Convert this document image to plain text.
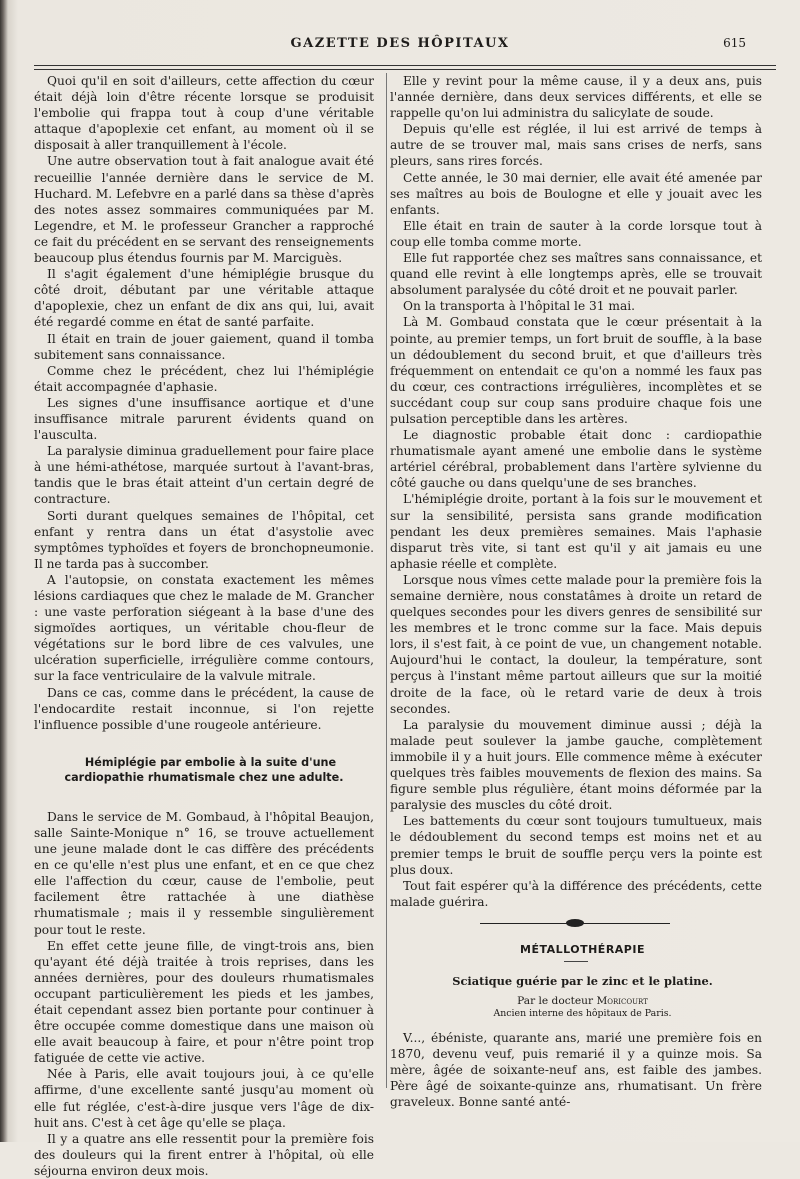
GAZETTE DES HÔPITAUX	615

Quoi qu'il en soit d'ailleurs, cette affection du cœur était déjà loin d'être récente lorsque se produisit l'embolie qui frappa tout à coup d'une véritable attaque d'apoplexie cet enfant, au moment où il se disposait à aller tranquillement à l'école.

Une autre observation tout à fait analogue avait été recueillie l'année dernière dans le service de M. Huchard. M. Lefebvre en a parlé dans sa thèse d'après des notes assez sommaires communiquées par M. Legendre, et M. le professeur Grancher a rapproché ce fait du précédent en se servant des renseignements beaucoup plus étendus fournis par M. Marciguès.

Il s'agit également d'une hémiplégie brusque du côté droit, débutant par une véritable attaque d'apoplexie, chez un enfant de dix ans qui, lui, avait été regardé comme en état de santé parfaite.

Il était en train de jouer gaiement, quand il tomba subitement sans connaissance.

Comme chez le précédent, chez lui l'hémiplégie était accompagnée d'aphasie.

Les signes d'une insuffisance aortique et d'une insuffisance mitrale parurent évidents quand on l'ausculta.

La paralysie diminua graduellement pour faire place à une hémi-athétose, marquée surtout à l'avant-bras, tandis que le bras était atteint d'un certain degré de contracture.

Sorti durant quelques semaines de l'hôpital, cet enfant y rentra dans un état d'asystolie avec symptômes typhoïdes et foyers de bronchopneumonie. Il ne tarda pas à succomber.

A l'autopsie, on constata exactement les mêmes lésions cardiaques que chez le malade de M. Grancher : une vaste perforation siégeant à la base d'une des sigmoïdes aortiques, un véritable chou-fleur de végétations sur le bord libre de ces valvules, une ulcération superficielle, irrégulière comme contours, sur la face ventriculaire de la valvule mitrale.

Dans ce cas, comme dans le précédent, la cause de l'endocardite restait inconnue, si l'on rejette l'influence possible d'une rougeole antérieure.

Hémiplégie par embolie à la suite d'une cardiopathie rhumatismale chez une adulte.

Dans le service de M. Gombaud, à l'hôpital Beaujon, salle Sainte-Monique n° 16, se trouve actuellement une jeune malade dont le cas diffère des précédents en ce qu'elle n'est plus une enfant, et en ce que chez elle l'affection du cœur, cause de l'embolie, peut facilement être rattachée à une diathèse rhumatismale ; mais il y ressemble singulièrement pour tout le reste.

En effet cette jeune fille, de vingt-trois ans, bien qu'ayant été déjà traitée à trois reprises, dans les années dernières, pour des douleurs rhumatismales occupant particulièrement les pieds et les jambes, était cependant assez bien portante pour continuer à être occupée comme domestique dans une maison où elle avait beaucoup à faire, et pour n'être point trop fatiguée de cette vie active.

Née à Paris, elle avait toujours joui, à ce qu'elle affirme, d'une excellente santé jusqu'au moment où elle fut réglée, c'est-à-dire jusque vers l'âge de dix-huit ans. C'est à cet âge qu'elle se plaça.

Il y a quatre ans elle ressentit pour la première fois des douleurs qui la firent entrer à l'hôpital, où elle séjourna environ deux mois.

Elle y revint pour la même cause, il y a deux ans, puis l'année dernière, dans deux services différents, et elle se rappelle qu'on lui administra du salicylate de soude.

Depuis qu'elle est réglée, il lui est arrivé de temps à autre de se trouver mal, mais sans crises de nerfs, sans pleurs, sans rires forcés.

Cette année, le 30 mai dernier, elle avait été amenée par ses maîtres au bois de Boulogne et elle y jouait avec les enfants.

Elle était en train de sauter à la corde lorsque tout à coup elle tomba comme morte.

Elle fut rapportée chez ses maîtres sans connaissance, et quand elle revint à elle longtemps après, elle se trouvait absolument paralysée du côté droit et ne pouvait parler.

On la transporta à l'hôpital le 31 mai.

Là M. Gombaud constata que le cœur présentait à la pointe, au premier temps, un fort bruit de souffle, à la base un dédoublement du second bruit, et que d'ailleurs très fréquemment on entendait ce qu'on a nommé les faux pas du cœur, ces contractions irrégulières, incomplètes et se succédant coup sur coup sans produire chaque fois une pulsation perceptible dans les artères.

Le diagnostic probable était donc : cardiopathie rhumatismale ayant amené une embolie dans le système artériel cérébral, probablement dans l'artère sylvienne du côté gauche ou dans quelqu'une de ses branches.

L'hémiplégie droite, portant à la fois sur le mouvement et sur la sensibilité, persista sans grande modification pendant les deux premières semaines. Mais l'aphasie disparut très vite, si tant est qu'il y ait jamais eu une aphasie réelle et complète.

Lorsque nous vîmes cette malade pour la première fois la semaine dernière, nous constatâmes à droite un retard de quelques secondes pour les divers genres de sensibilité sur les membres et le tronc comme sur la face. Mais depuis lors, il s'est fait, à ce point de vue, un changement notable. Aujourd'hui le contact, la douleur, la température, sont perçus à l'instant même partout ailleurs que sur la moitié droite de la face, où le retard varie de deux à trois secondes.

La paralysie du mouvement diminue aussi ; déjà la malade peut soulever la jambe gauche, complètement immobile il y a huit jours. Elle commence même à exécuter quelques très faibles mouvements de flexion des mains. Sa figure semble plus régulière, étant moins déformée par la paralysie des muscles du côté droit.

Les battements du cœur sont toujours tumultueux, mais le dédoublement du second temps est moins net et au premier temps le bruit de souffle perçu vers la pointe est plus doux.

Tout fait espérer qu'à la différence des précédents, cette malade guérira.

MÉTALLOTHÉRAPIE

Sciatique guérie par le zinc et le platine.

Par le docteur Moricourt

Ancien interne des hôpitaux de Paris.

V..., ébéniste, quarante ans, marié une première fois en 1870, devenu veuf, puis remarié il y a quinze mois. Sa mère, âgée de soixante-neuf ans, est faible des jambes. Père âgé de soixante-quinze ans, rhumatisant. Un frère graveleux. Bonne santé anté-
